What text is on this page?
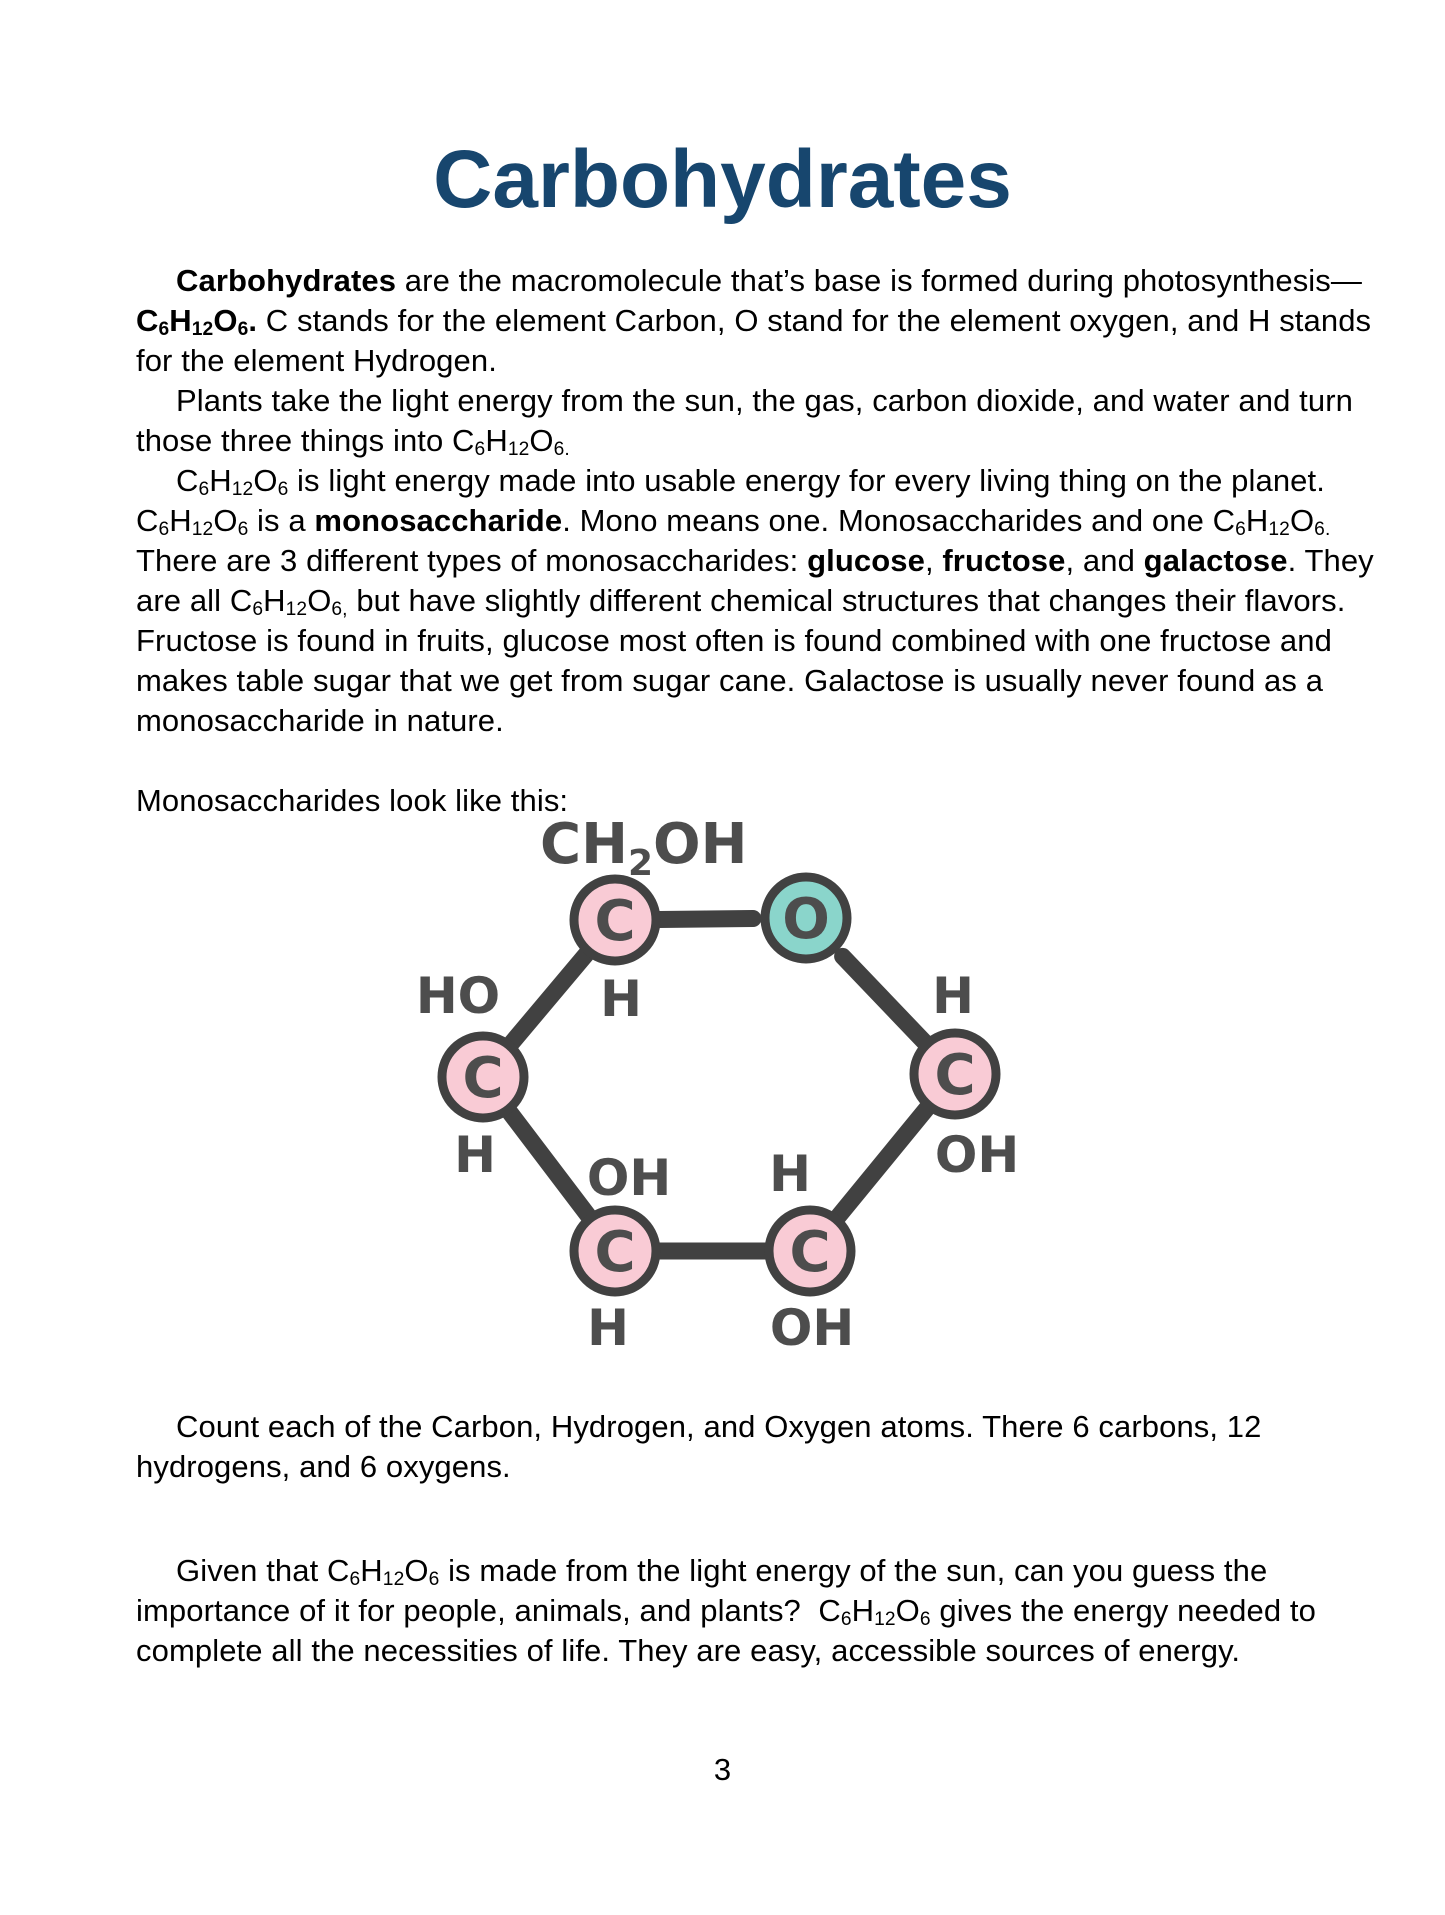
Carbohydrates

Carbohydrates are the macromolecule that’s base is formed during $photosynthesis—C_6H_{12}O_6$. C stands for the element Carbon, O stand for the element oxygen, and H stands for the element Hydrogen.

Plants take the light energy from the sun, the gas, carbon dioxide, and water and turn those three things into $C_6H_{12}O_{6.}$

$C_6H_{12}O_6$ is light energy made into usable energy for every living thing on the planet. $C_6H_{12}O_6$ is a monosaccharide. Mono means one. Monosaccharides and one $C_6H_{12}O_{6.}$ There are 3 different types of monosaccharides: glucose, fructose, and galactose. They are all $C_6H_{12}O_{6,}$ but have slightly different chemical structures that changes their flavors. Fructose is found in fruits, glucose most often is found combined with one fructose and makes table sugar that we get from sugar cane. Galactose is usually never found as a monosaccharide in nature.

Monosaccharides look like this:

C	O
C
C
C
C
HO H	H
H OH H OH
H	OH
$CH_2OH$

Count each of the Carbon, Hydrogen, and Oxygen atoms. There 6 carbons, 12 hydrogens, and 6 oxygens.

Given that $C_6H_{12}O_6$ is made from the light energy of the sun, can you guess the importance of it for people, animals, and plants?  $C_6H_{12}O_6$ gives the energy needed to complete all the necessities of life. They are easy, accessible sources of energy.

3
